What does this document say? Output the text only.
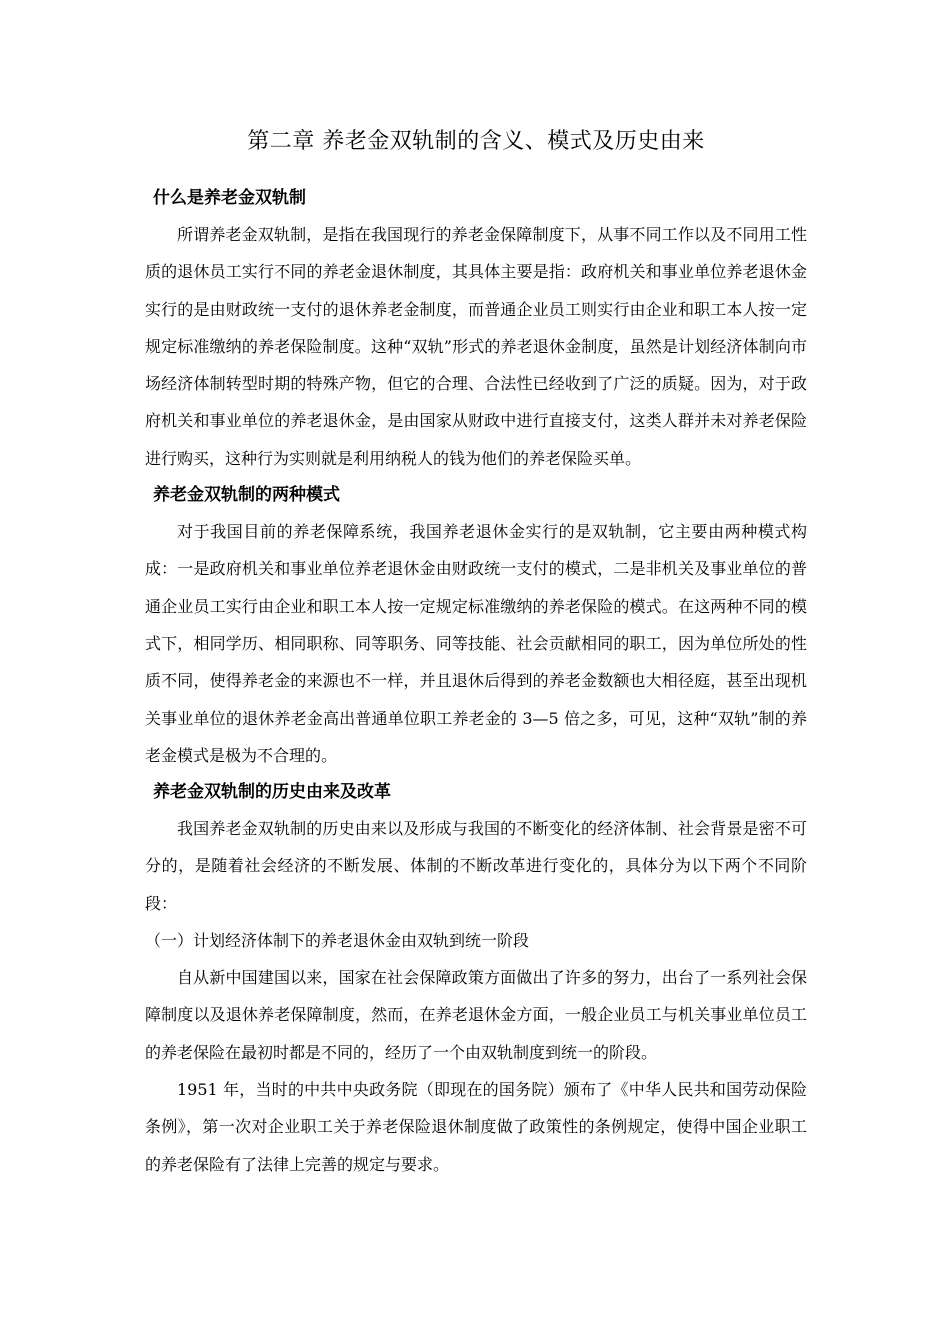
第二章 养老金双轨制的含义、模式及历史由来
什么是养老金双轨制

所谓养老金双轨制，是指在我国现行的养老金保障制度下，从事不同工作以及不同用工性质的退休员工实行不同的养老金退休制度，其具体主要是指：政府机关和事业单位养老退休金实行的是由财政统一支付的退休养老金制度，而普通企业员工则实行由企业和职工本人按一定规定标准缴纳的养老保险制度。这种“双轨”形式的养老退休金制度，虽然是计划经济体制向市场经济体制转型时期的特殊产物，但它的合理、合法性已经收到了广泛的质疑。因为，对于政府机关和事业单位的养老退休金，是由国家从财政中进行直接支付，这类人群并未对养老保险进行购买，这种行为实则就是利用纳税人的钱为他们的养老保险买单。

养老金双轨制的两种模式

对于我国目前的养老保障系统，我国养老退休金实行的是双轨制，它主要由两种模式构成：一是政府机关和事业单位养老退休金由财政统一支付的模式，二是非机关及事业单位的普通企业员工实行由企业和职工本人按一定规定标准缴纳的养老保险的模式。在这两种不同的模式下，相同学历、相同职称、同等职务、同等技能、社会贡献相同的职工，因为单位所处的性质不同，使得养老金的来源也不一样，并且退休后得到的养老金数额也大相径庭，甚至出现机关事业单位的退休养老金高出普通单位职工养老金的 3—5 倍之多，可见，这种“双轨”制的养老金模式是极为不合理的。

养老金双轨制的历史由来及改革

我国养老金双轨制的历史由来以及形成与我国的不断变化的经济体制、社会背景是密不可分的，是随着社会经济的不断发展、体制的不断改革进行变化的，具体分为以下两个不同阶段：

（一）计划经济体制下的养老退休金由双轨到统一阶段

自从新中国建国以来，国家在社会保障政策方面做出了许多的努力，出台了一系列社会保障制度以及退休养老保障制度，然而，在养老退休金方面，一般企业员工与机关事业单位员工的养老保险在最初时都是不同的，经历了一个由双轨制度到统一的阶段。

1951 年，当时的中共中央政务院（即现在的国务院）颁布了《中华人民共和国劳动保险条例》，第一次对企业职工关于养老保险退休制度做了政策性的条例规定，使得中国企业职工的养老保险有了法律上完善的规定与要求。
